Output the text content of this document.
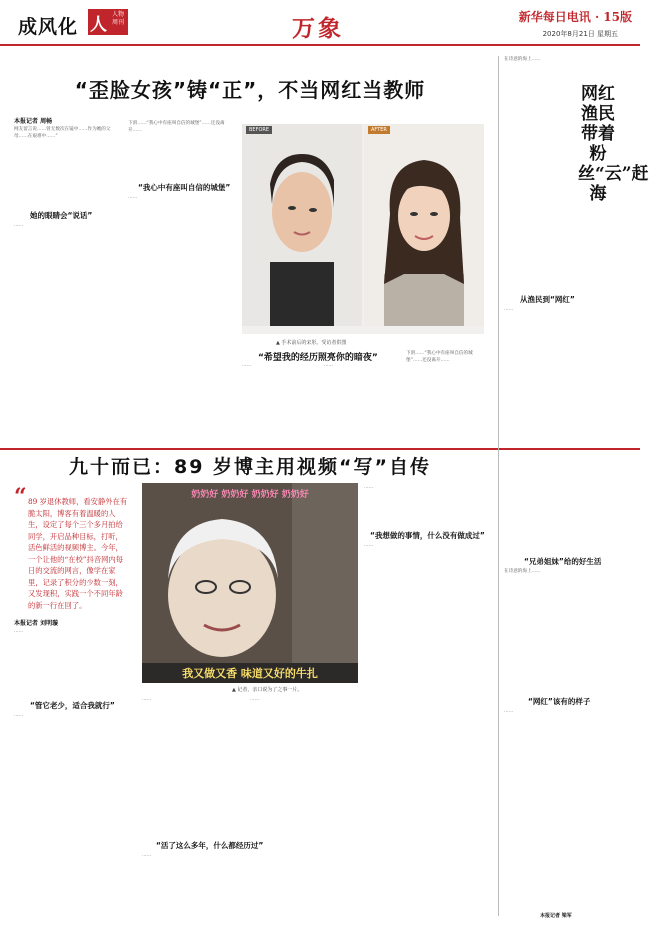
成风化 人
人物周刊	万象	新华每日电讯 · 15版
2020年8月21日 星期五
“歪脸女孩”铸“正”，不当网红当教师
本报记者 周畅
网友留言说……曾无数次在镜中……作为她的父母……在艰难中……”
她的眼睛会“说话”
……
下滑……“我心中有座叫自信的城堡”……还没离开……
“我心中有座叫自信的城堡”
……
BEFORE	AFTER
▲ 手术前后的宋彤。受访者供图
“希望我的经历照亮你的暗夜”
……	……
下滑……“我心中有座叫自信的城堡”……还没离开……
九十而已：89 岁博主用视频“写”自传
“ 89 岁退休教师，看安静外在有脆太阳，博客有着温暖的人生，设定了每个三个多月拍给同学，开启品种目标，打听，活色鲜活的视频博主。今年，一个让他的“在校”抖音网内每日的交流的网言，像学在家里，记录了积分的少数一刻，又发现积，实践一个不同年龄的新一行在回了。
奶奶好 奶奶好 奶奶好 奶奶好
我又做又香 味道又好的牛扎
▲ 记者，亲口说为了之事一片。
本报记者 刘明璇
……
“管它老少，适合我就行”
……
……
“活了这么多年，什么都经历过”
……
……
……
“我想做的事情，什么没有做成过”
……
在诗意的海上……
网红渔民带着粉丝“云”赶海
从渔民到“网红”
……
“兄弟姐妹”给的好生活
在诗意的海上……
“网红”该有的样子
……
本报记者 梁军
